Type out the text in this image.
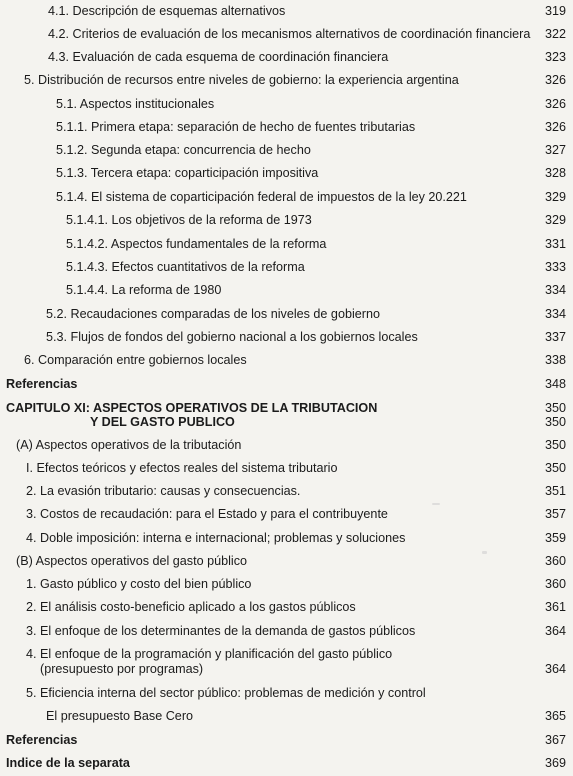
4.1. Descripción de esquemas alternativos	319
4.2. Criterios de evaluación de los mecanismos alternativos de coordinación financiera 322
4.3. Evaluación de cada esquema de coordinación financiera	323
5. Distribución de recursos entre niveles de gobierno: la experiencia argentina	326
5.1. Aspectos institucionales	326
5.1.1. Primera etapa: separación de hecho de fuentes tributarias	326
5.1.2. Segunda etapa: concurrencia de hecho	327
5.1.3. Tercera etapa: coparticipación impositiva	328
5.1.4. El sistema de coparticipación federal de impuestos de la ley 20.221	329
5.1.4.1. Los objetivos de la reforma de 1973	329
5.1.4.2. Aspectos fundamentales de la reforma	331
5.1.4.3. Efectos cuantitativos de la reforma	333
5.1.4.4. La reforma de 1980	334
5.2. Recaudaciones comparadas de los niveles de gobierno	334
5.3. Flujos de fondos del gobierno nacional a los gobiernos locales	337
6. Comparación entre gobiernos locales	338
Referencias	348
CAPITULO XI: ASPECTOS OPERATIVOS DE LA TRIBUTACION	350
Y DEL GASTO PUBLICO	350
(A) Aspectos operativos de la tributación	350
I. Efectos teóricos y efectos reales del sistema tributario	350
2. La evasión tributario: causas y consecuencias.	351
3. Costos de recaudación: para el Estado y para el contribuyente	357
4. Doble imposición: interna e internacional; problemas y soluciones	359
(B) Aspectos operativos del gasto público	360
1. Gasto público y costo del bien público	360
2. El análisis costo-beneficio aplicado a los gastos públicos	361
3. El enfoque de los determinantes de la demanda de gastos públicos	364
4. El enfoque de la programación y planificación del gasto público
(presupuesto por programas)	364
5. Eficiencia interna del sector público: problemas de medición y control
El presupuesto Base Cero	365
Referencias	367
Indice de la separata	369
